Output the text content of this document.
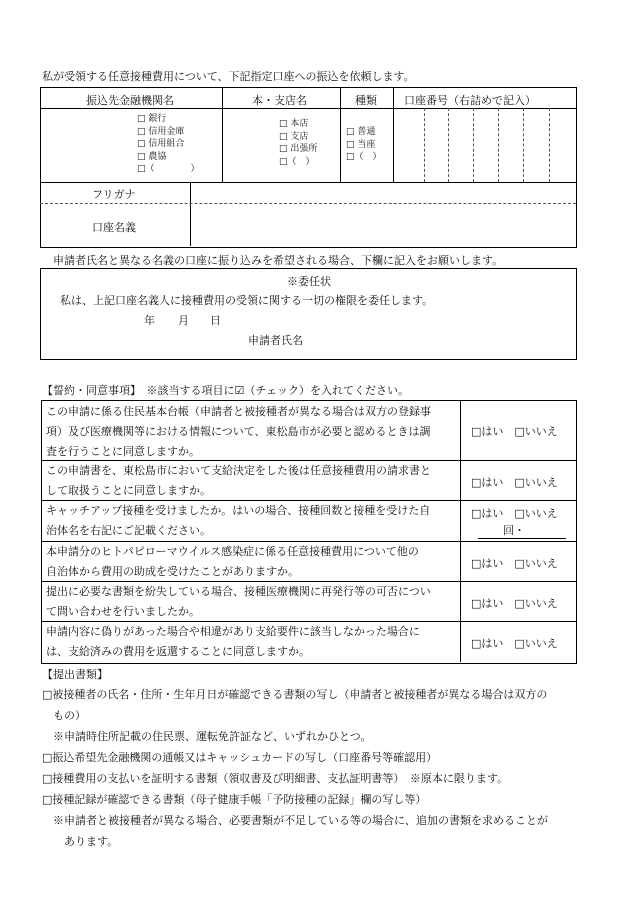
私が受領する任意接種費用について、下記指定口座への振込を依頼します。
振込先金融機関名	本・支店名	種類 口座番号（右詰めで記入）
□ 銀行
□ 信用金庫
□ 信用組合
□ 農協
□（　　　　）
□ 本店
□ 支店
□ 出張所
□（　）
□ 普通
□ 当座
□（　）
フリガナ
口座名義
申請者氏名と異なる名義の口座に振り込みを希望される場合、下欄に記入をお願いします。
※委任状
私は、上記口座名義人に接種費用の受領に関する一切の権限を委任します。
年 月 日
申請者氏名
【誓約・同意事項】　※該当する項目に☑（チェック）を入れてください。
この申請に係る住民基本台帳（申請者と被接種者が異なる場合は双方の登録事
項）及び医療機関等における情報について、東松島市が必要と認めるときは調
査を行うことに同意しますか。
□はい　□いいえ
この申請書を、東松島市において支給決定をした後は任意接種費用の請求書と
して取扱うことに同意しますか。
□はい　□いいえ
キャッチアップ接種を受けましたか。はいの場合、接種回数と接種を受けた自
治体名を右記にご記載ください。
□はい　□いいえ
回・
本申請分のヒトパピローマウイルス感染症に係る任意接種費用について他の
自治体から費用の助成を受けたことがありますか。
□はい　□いいえ
提出に必要な書類を紛失している場合、接種医療機関に再発行等の可否につい
て問い合わせを行いましたか。
□はい　□いいえ
申請内容に偽りがあった場合や相違があり支給要件に該当しなかった場合に
は、支給済みの費用を返還することに同意しますか。
□はい　□いいえ
【提出書類】
□被接種者の氏名・住所・生年月日が確認できる書類の写し（申請者と被接種者が異なる場合は双方の
　もの）
　※申請時住所記載の住民票、運転免許証など、いずれかひとつ。
□振込希望先金融機関の通帳又はキャッシュカードの写し（口座番号等確認用）
□接種費用の支払いを証明する書類（領収書及び明細書、支払証明書等）　※原本に限ります。
□接種記録が確認できる書類（母子健康手帳「予防接種の記録」欄の写し等）
　※申請者と被接種者が異なる場合、必要書類が不足している等の場合に、追加の書類を求めることが
　　あります。
